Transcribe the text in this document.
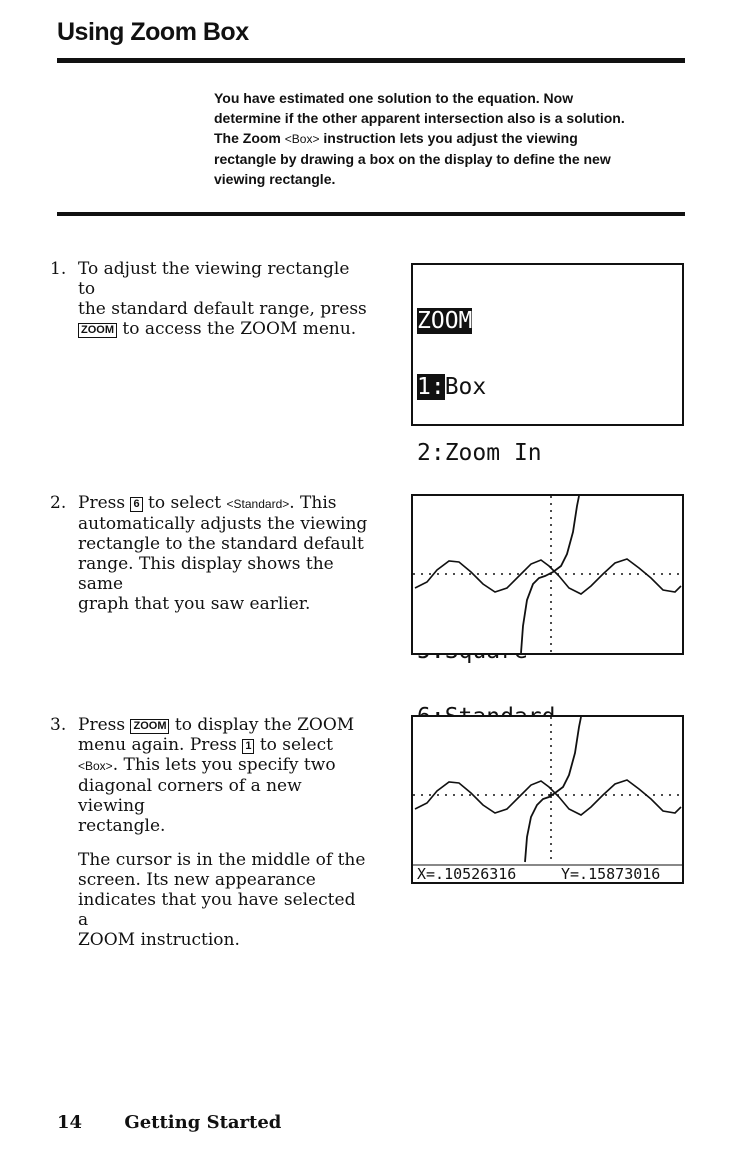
Using Zoom Box
You have estimated one solution to the equation. Now
determine if the other apparent intersection also is a solution.
The Zoom <Box> instruction lets you adjust the viewing
rectangle by drawing a box on the display to define the new
viewing rectangle.
1. To adjust the viewing rectangle to
the standard default range, press
ZOOM to access the ZOOM menu.

	ZOOM

1:Box

2:Zoom In

2. Press 6 to select <Standard>. This
automatically adjusts the viewing
rectangle to the standard default
range. This display shows the same
graph that you saw earlier.
3. Press ZOOM to display the ZOOM
menu again. Press 1 to select
<Box>. This lets you specify two
diagonal corners of a new viewing

rectangle.

The cursor is in the middle of the
screen. Its new appearance
indicates that you have selected a
ZOOM instruction.
X=.10526316	Y=.15873016
14 Getting Started
